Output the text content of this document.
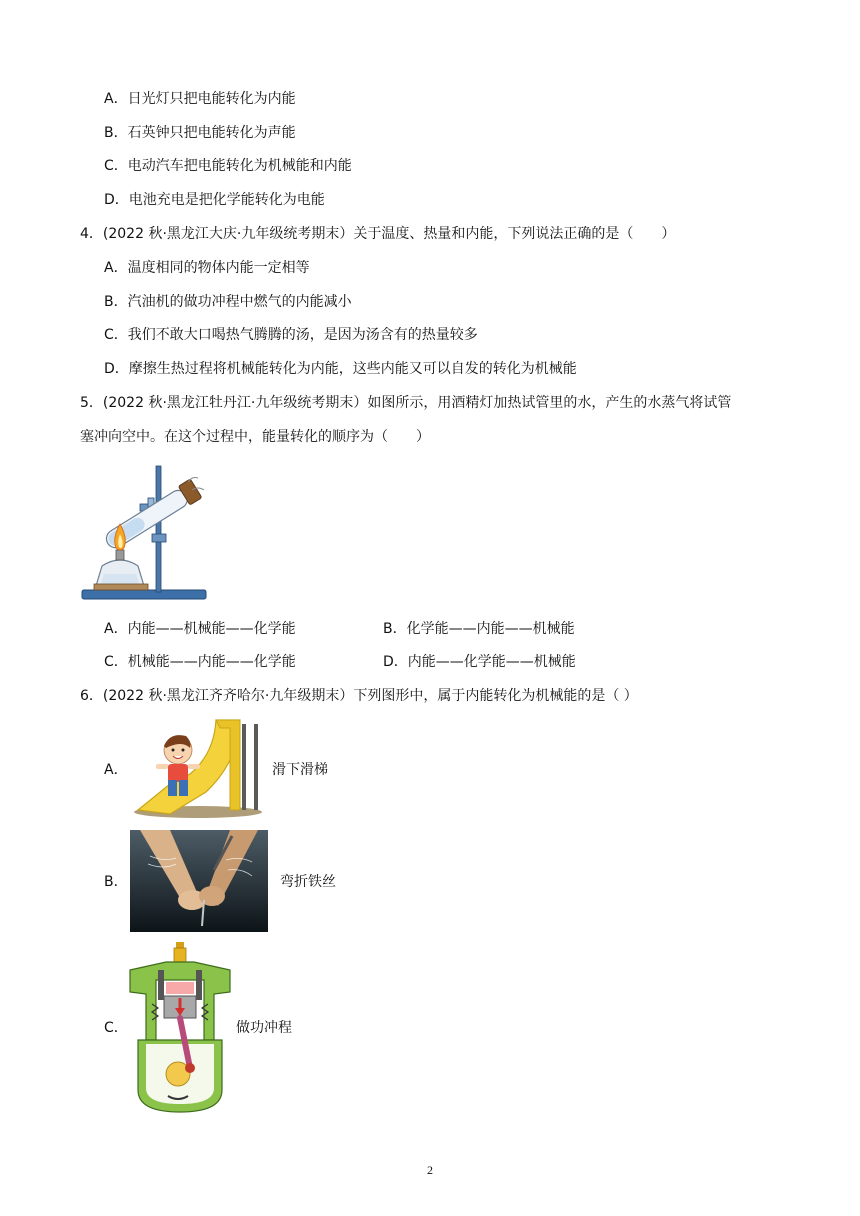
A．日光灯只把电能转化为内能
B．石英钟只把电能转化为声能
C．电动汽车把电能转化为机械能和内能
D．电池充电是把化学能转化为电能
4．(2022 秋·黑龙江大庆·九年级统考期末）关于温度、热量和内能，下列说法正确的是（　　）
A．温度相同的物体内能一定相等
B．汽油机的做功冲程中燃气的内能减小
C．我们不敢大口喝热气腾腾的汤，是因为汤含有的热量较多
D．摩擦生热过程将机械能转化为内能，这些内能又可以自发的转化为机械能
5．(2022 秋·黑龙江牡丹江·九年级统考期末）如图所示，用酒精灯加热试管里的水，产生的水蒸气将试管
塞冲向空中。在这个过程中，能量转化的顺序为（　　）
A．内能——机械能——化学能	B．化学能——内能——机械能
C．机械能——内能——化学能	D．内能——化学能——机械能
6．(2022 秋·黑龙江齐齐哈尔·九年级期末）下列图形中，属于内能转化为机械能的是（ ）
A．	滑下滑梯
B．	弯折铁丝
C．	做功冲程
2
